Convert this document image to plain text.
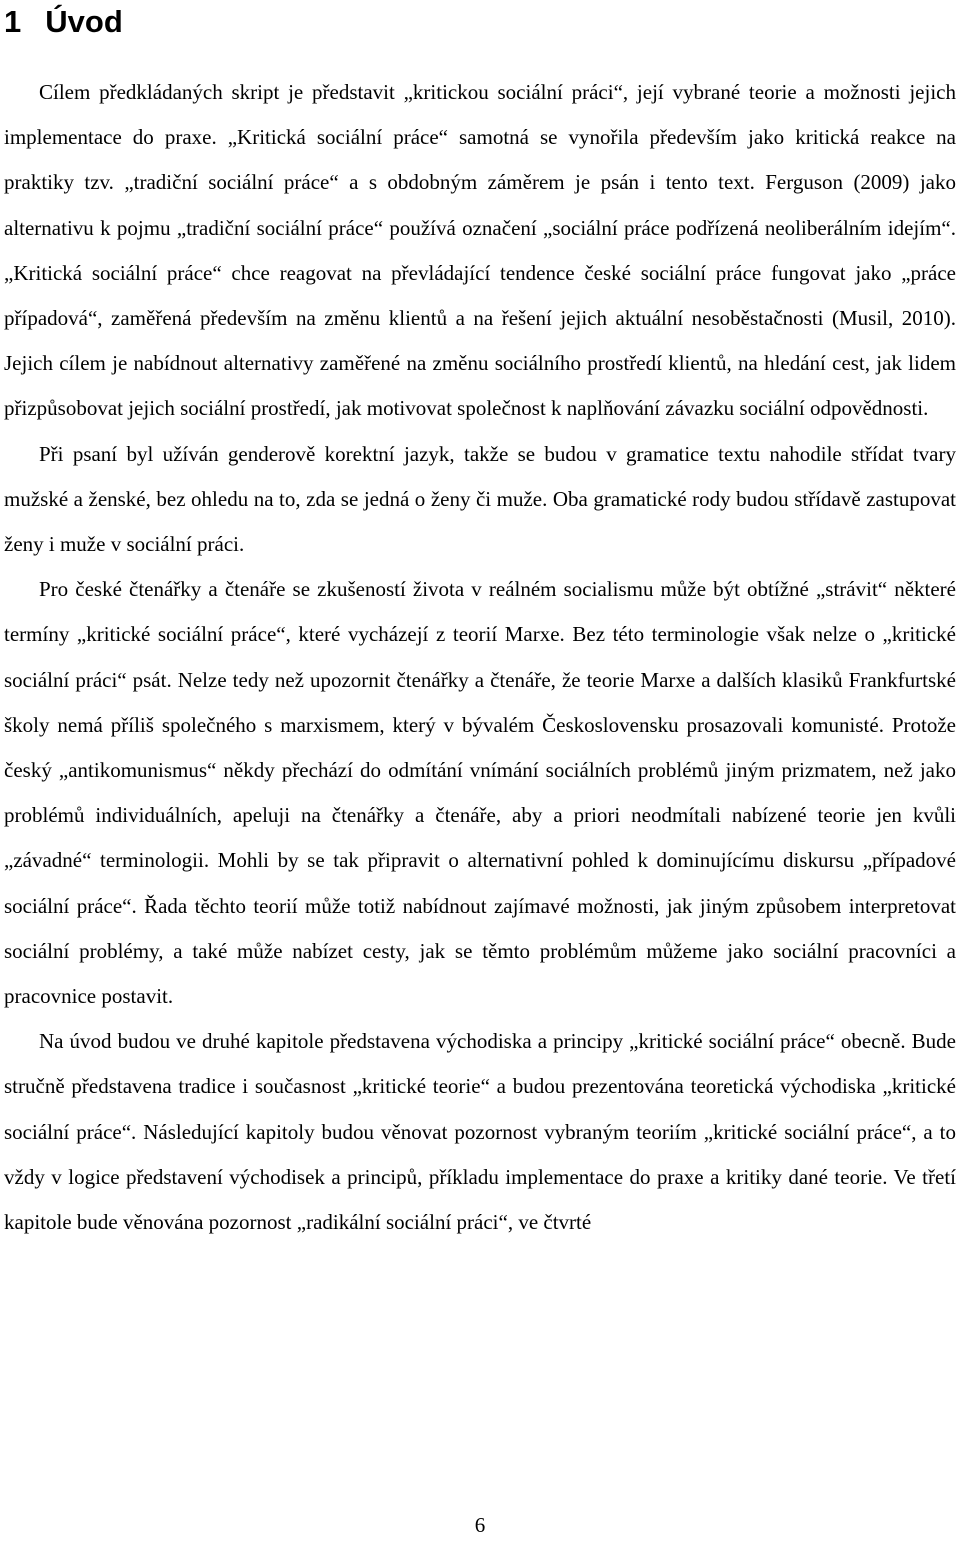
1 Úvod

Cílem předkládaných skript je představit „kritickou sociální práci“, její vybrané teorie a možnosti jejich implementace do praxe. „Kritická sociální práce“ samotná se vynořila především jako kritická reakce na praktiky tzv. „tradiční sociální práce“ a s obdobným záměrem je psán i tento text. Ferguson (2009) jako alternativu k pojmu „tradiční sociální práce“ používá označení „sociální práce podřízená neoliberálním idejím“. „Kritická sociální práce“ chce reagovat na převládající tendence české sociální práce fungovat jako „práce případová“, zaměřená především na změnu klientů a na řešení jejich aktuální nesoběstačnosti (Musil, 2010). Jejich cílem je nabídnout alternativy zaměřené na změnu sociálního prostředí klientů, na hledání cest, jak lidem přizpůsobovat jejich sociální prostředí, jak motivovat společnost k naplňování závazku sociální odpovědnosti.

Při psaní byl užíván genderově korektní jazyk, takže se budou v gramatice textu nahodile střídat tvary mužské a ženské, bez ohledu na to, zda se jedná o ženy či muže. Oba gramatické rody budou střídavě zastupovat ženy i muže v sociální práci.

Pro české čtenářky a čtenáře se zkušeností života v reálném socialismu může být obtížné „strávit“ některé termíny „kritické sociální práce“, které vycházejí z teorií Marxe. Bez této terminologie však nelze o „kritické sociální práci“ psát. Nelze tedy než upozornit čtenářky a čtenáře, že teorie Marxe a dalších klasiků Frankfurtské školy nemá příliš společného s marxismem, který v bývalém Československu prosazovali komunisté. Protože český „antikomunismus“ někdy přechází do odmítání vnímání sociálních problémů jiným prizmatem, než jako problémů individuálních, apeluji na čtenářky a čtenáře, aby a priori neodmítali nabízené teorie jen kvůli „závadné“ terminologii. Mohli by se tak připravit o alternativní pohled k dominujícímu diskursu „případové sociální práce“. Řada těchto teorií může totiž nabídnout zajímavé možnosti, jak jiným způsobem interpretovat sociální problémy, a také může nabízet cesty, jak se těmto problémům můžeme jako sociální pracovníci a pracovnice postavit.

Na úvod budou ve druhé kapitole představena východiska a principy „kritické sociální práce“ obecně. Bude stručně představena tradice i současnost „kritické teorie“ a budou prezentována teoretická východiska „kritické sociální práce“. Následující kapitoly budou věnovat pozornost vybraným teoriím „kritické sociální práce“, a to vždy v logice představení východisek a principů, příkladu implementace do praxe a kritiky dané teorie. Ve třetí kapitole bude věnována pozornost „radikální sociální práci“, ve čtvrté

6
